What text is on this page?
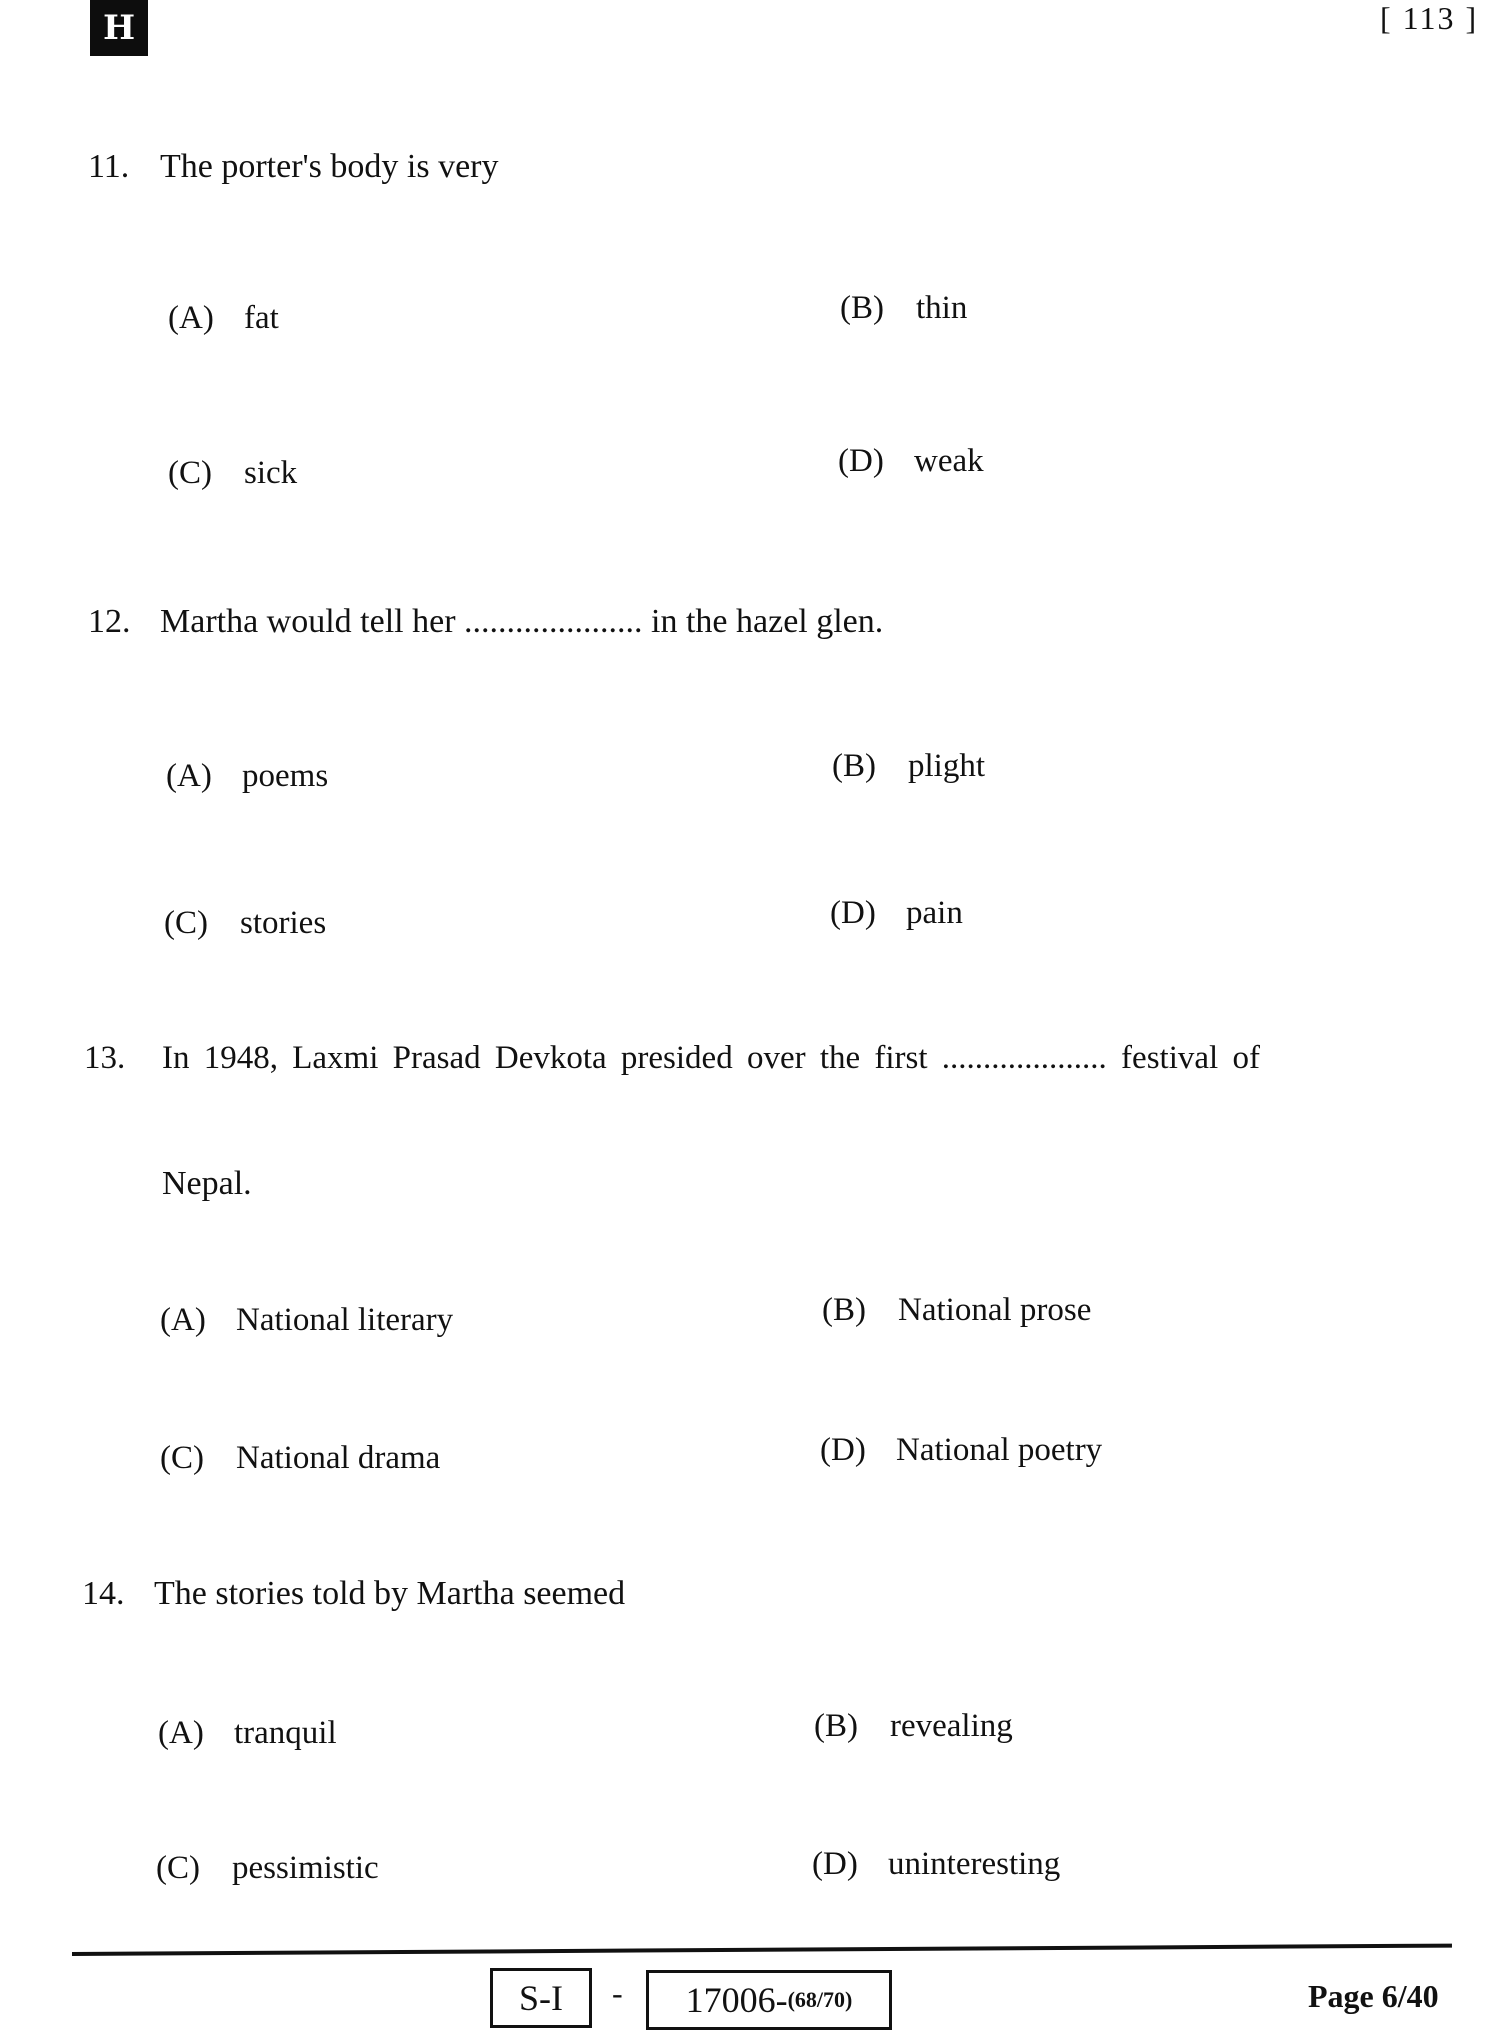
H	[ 113 ]
11. The porter's body is very
(A) fat	(B) thin
(C) sick	(D) weak
12. Martha would tell her ..................... in the hazel glen.
(A) poems	(B) plight
(C) stories	(D) pain
13. In 1948, Laxmi Prasad Devkota presided over the first .................... festival of
Nepal.
(A) National literary	(B) National prose
(C) National drama	(D) National poetry
14. The stories told by Martha seemed
(A) tranquil	(B) revealing
(C) pessimistic	(D) uninteresting
S-I	- 17006- (68/70)	Page 6/40
